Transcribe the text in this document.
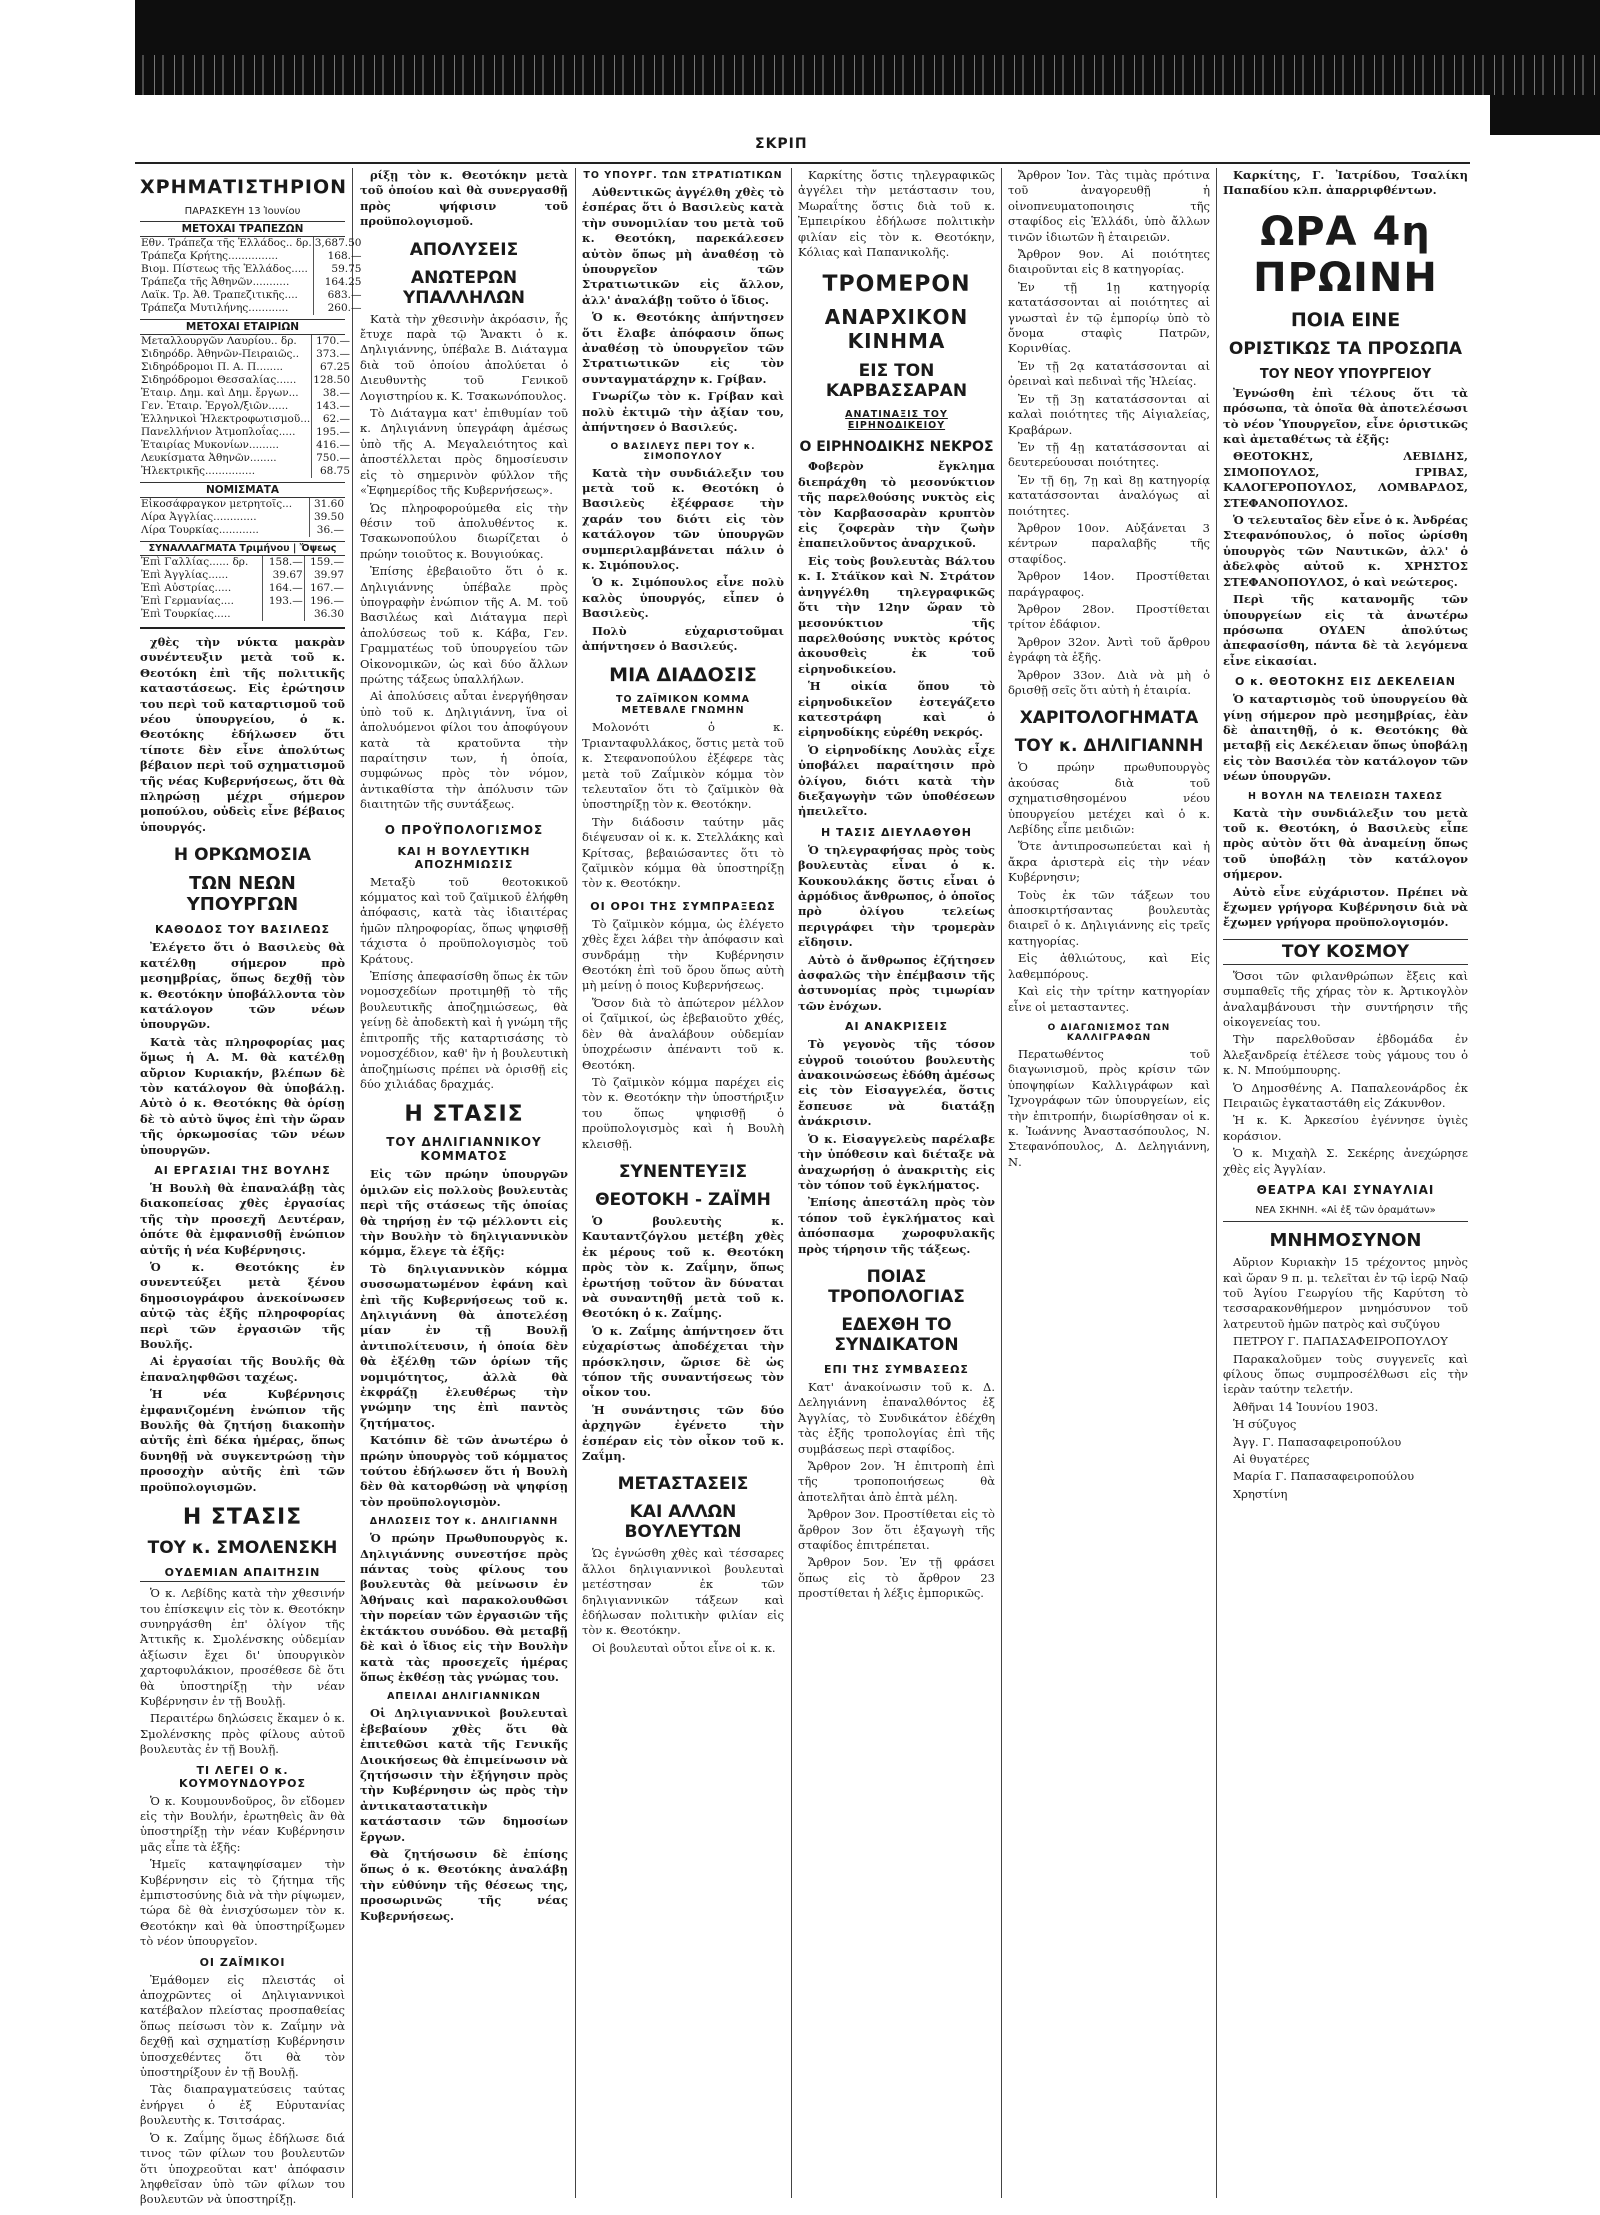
ΣΚΡΙΠ
ΧΡΗΜΑΤΙΣΤΗΡΙΟΝ
ΠΑΡΑΣΚΕΥΗ 13 Ἰουνίου
ΜΕΤΟΧΑΙ ΤΡΑΠΕΖΩΝ
Εθν. Τράπεζα τῆς Ἑλλάδος.. δρ.	3,687.50
Τράπεζα Κρήτης...............	168.—
Βιομ. Πίστεως τῆς Ἑλλάδος.....	59.75
Τράπεζα τῆς Ἀθηνῶν...........	164.25
Λαϊκ. Τρ. Ἀθ. Τραπεζιτικῆς....	683.—
Τράπεζα Μυτιλήνης............	260.—
ΜΕΤΟΧΑΙ ΕΤΑΙΡΙΩΝ
Μεταλλουργῶν Λαυρίου.. δρ.	170.—
Σιδηρόδρ. Ἀθηνῶν-Πειραιῶς..	373.—
Σιδηρόδρομοι Π. Α. Π........	67.25
Σιδηρόδρομοι Θεσσαλίας......	128.50
Ἑταιρ. Δημ. καὶ Δημ. ἔργων...	38.—
Γεν. Ἑταιρ. Ἐργολ/ξιῶν......	143.—
Ἑλληνικοὶ Ἠλεκτροφωτισμοῦ...	62.—
Πανελλήνιον Ἀτμοπλοΐας.....	195.—
Ἑταιρίας Μυκονίων.........	416.—
Λευκίσματα Ἀθηνῶν........	750.—
Ἠλεκτρικῆς...............	68.75
ΝΟΜΙΣΜΑΤΑ
Εἰκοσάφραγκον μετρητοῖς...	31.60
Λίρα Ἀγγλίας.............	39.50
Λίρα Τουρκίας............	36.—
ΣΥΝΑΛΛΑΓΜΑΤΑ Τριμήνου | Ὄψεως
Ἐπὶ Γαλλίας...... δρ.	158.—	159.—
Ἐπὶ Ἀγγλίας......	39.67	39.97
Ἐπὶ Αὐστρίας.....	164.—	167.—
Ἐπὶ Γερμανίας....	193.—	196.—
Ἐπὶ Τουρκίας.....		36.30

χθὲς τὴν νύκτα μακρὰν συνέντευξιν μετὰ τοῦ κ. Θεοτόκη ἐπὶ τῆς πολιτικῆς καταστάσεως. Εἰς ἐρώτησιν του περὶ τοῦ καταρτισμοῦ τοῦ νέου ὑπουργείου, ὁ κ. Θεοτόκης ἐδήλωσεν ὅτι τίποτε δὲν εἶνε ἀπολύτως βέβαιον περὶ τοῦ σχηματισμοῦ τῆς νέας Κυβερνήσεως, ὅτι θὰ πληρώσῃ μέχρι σήμερον μοπούλου, οὐδεὶς εἶνε βέβαιος ὑπουργός.

Η ΟΡΚΩΜΟΣΙΑ
ΤΩΝ ΝΕΩΝ ΥΠΟΥΡΓΩΝ
ΚΑΘΟΔΟΣ ΤΟΥ ΒΑΣΙΛΕΩΣ

Ἐλέγετο ὅτι ὁ Βασιλεὺς θὰ κατέλθῃ σήμερον πρὸ μεσημβρίας, ὅπως δεχθῇ τὸν κ. Θεοτόκην ὑποβάλλοντα τὸν κατάλογον τῶν νέων ὑπουργῶν.

Κατὰ τὰς πληροφορίας μας ὅμως ἡ Α. Μ. θὰ κατέλθῃ αὔριον Κυριακήν, βλέπων δὲ τὸν κατάλογον θὰ ὑποβάλῃ. Αὐτὸ ὁ κ. Θεοτόκης θὰ ὁρίσῃ δὲ τὸ αὐτὸ ὕψος ἐπὶ τὴν ὥραν τῆς ὁρκωμοσίας τῶν νέων ὑπουργῶν.

ΑΙ ΕΡΓΑΣΙΑΙ ΤΗΣ ΒΟΥΛΗΣ

Ἡ Βουλὴ θὰ ἐπαναλάβῃ τὰς διακοπείσας χθὲς ἐργασίας τῆς τὴν προσεχῆ Δευτέραν, ὁπότε θὰ ἐμφανισθῇ ἐνώπιον αὐτῆς ἡ νέα Κυβέρνησις.

Ὁ κ. Θεοτόκης ἐν συνεντεύξει μετὰ ξένου δημοσιογράφου ἀνεκοίνωσεν αὐτῷ τὰς ἑξῆς πληροφορίας περὶ τῶν ἐργασιῶν τῆς Βουλῆς.

Αἱ ἐργασίαι τῆς Βουλῆς θὰ ἐπαναληφθῶσι ταχέως.

Ἡ νέα Κυβέρνησις ἐμφανιζομένη ἐνώπιον τῆς Βουλῆς θὰ ζητήσῃ διακοπὴν αὐτῆς ἐπὶ δέκα ἡμέρας, ὅπως δυνηθῇ νὰ συγκεντρώσῃ τὴν προσοχὴν αὐτῆς ἐπὶ τῶν προϋπολογισμῶν.

Η ΣΤΑΣΙΣ
ΤΟΥ κ. ΣΜΟΛΕΝΣΚΗ
ΟΥΔΕΜΙΑΝ ΑΠΑΙΤΗΣΙΝ

Ὁ κ. Λεβίδης κατὰ τὴν χθεσινήν του ἐπίσκεψιν εἰς τὸν κ. Θεοτόκην συνηργάσθη ἐπ' ὀλίγον τῆς Ἀττικῆς κ. Σμολένσκης οὐδεμίαν ἀξίωσιν ἔχει δι' ὑπουργικὸν χαρτοφυλάκιον, προσέθεσε δὲ ὅτι θὰ ὑποστηρίξῃ τὴν νέαν Κυβέρνησιν ἐν τῇ Βουλῇ.

Περαιτέρω δηλώσεις ἔκαμεν ὁ κ. Σμολένσκης πρὸς φίλους αὐτοῦ βουλευτὰς ἐν τῇ Βουλῇ.

ΤΙ ΛΕΓΕΙ Ο κ. ΚΟΥΜΟΥΝΔΟΥΡΟΣ

Ὁ κ. Κουμουνδοῦρος, ὃν εἴδομεν εἰς τὴν Βουλήν, ἐρωτηθεὶς ἂν θὰ ὑποστηρίξῃ τὴν νέαν Κυβέρνησιν μᾶς εἶπε τὰ ἑξῆς:

Ἡμεῖς καταψηφίσαμεν τὴν Κυβέρνησιν εἰς τὸ ζήτημα τῆς ἐμπιστοσύνης διὰ νὰ τὴν ρίψωμεν, τώρα δὲ θὰ ἐνισχύσωμεν τὸν κ. Θεοτόκην καὶ θὰ ὑποστηρίξωμεν τὸ νέον ὑπουργεῖον.

ΟΙ ΖΑΪΜΙΚΟΙ

Ἐμάθομεν εἰς πλειστάς οἱ ἀποχρῶντες οἱ Δηλιγιαννικοὶ κατέβαλον πλείστας προσπαθείας ὅπως πείσωσι τὸν κ. Ζαΐμην νὰ δεχθῇ καὶ σχηματίσῃ Κυβέρνησιν ὑποσχεθέντες ὅτι θὰ τὸν ὑποστηρίξουν ἐν τῇ Βουλῇ.

Τὰς διαπραγματεύσεις ταύτας ἐνήργει ὁ ἐξ Εὐρυτανίας βουλευτὴς κ. Τσιτσάρας.

Ὁ κ. Ζαΐμης ὅμως ἐδήλωσε διά τινος τῶν φίλων του βουλευτῶν ὅτι ὑποχρεοῦται κατ' ἀπόφασιν ληφθεῖσαν ὑπὸ τῶν φίλων του βουλευτῶν νὰ ὑποστηρίξῃ.

ρίξῃ τὸν κ. Θεοτόκην μετὰ τοῦ ὁποίου καὶ θὰ συνεργασθῇ πρὸς ψήφισιν τοῦ προϋπολογισμοῦ.

ΑΠΟΛΥΣΕΙΣ
ΑΝΩΤΕΡΩΝ ΥΠΑΛΛΗΛΩΝ

Κατὰ τὴν χθεσινὴν ἀκρόασιν, ἧς ἔτυχε παρὰ τῷ Ἄνακτι ὁ κ. Δηλιγιάννης, ὑπέβαλε Β. Διάταγμα διὰ τοῦ ὁποίου ἀπολύεται ὁ Διευθυντὴς τοῦ Γενικοῦ Λογιστηρίου κ. Κ. Τσακωνόπουλος.

Τὸ Διάταγμα κατ' ἐπιθυμίαν τοῦ κ. Δηλιγιάννη ὑπεγράφη ἀμέσως ὑπὸ τῆς Α. Μεγαλειότητος καὶ ἀποστέλλεται πρὸς δημοσίευσιν εἰς τὸ σημερινὸν φύλλον τῆς «Ἐφημερίδος τῆς Κυβερνήσεως».

Ὡς πληροφορούμεθα εἰς τὴν θέσιν τοῦ ἀπολυθέντος κ. Τσακωνοπούλου διωρίζεται ὁ πρώην τοιοῦτος κ. Βουγιούκας.

Ἐπίσης ἐβεβαιοῦτο ὅτι ὁ κ. Δηλιγιάννης ὑπέβαλε πρὸς ὑπογραφὴν ἐνώπιον τῆς Α. Μ. τοῦ Βασιλέως καὶ Διάταγμα περὶ ἀπολύσεως τοῦ κ. Κάβα, Γεν. Γραμματέως τοῦ ὑπουργείου τῶν Οἰκονομικῶν, ὡς καὶ δύο ἄλλων πρώτης τάξεως ὑπαλλήλων.

Αἱ ἀπολύσεις αὗται ἐνεργήθησαν ὑπὸ τοῦ κ. Δηλιγιάννη, ἵνα οἱ ἀπολυόμενοι φίλοι του ἀποφύγουν κατὰ τὰ κρατοῦντα τὴν παραίτησιν των, ἡ ὁποία, συμφώνως πρὸς τὸν νόμον, ἀντικαθίστα τὴν ἀπόλυσιν τῶν διαιτητῶν τῆς συντάξεως.

Ο ΠΡΟΫΠΟΛΟΓΙΣΜΟΣ
ΚΑΙ Η ΒΟΥΛΕΥΤΙΚΗ ΑΠΟΖΗΜΙΩΣΙΣ

Μεταξὺ τοῦ θεοτοκικοῦ κόμματος καὶ τοῦ ζαϊμικοῦ ἐλήφθη ἀπόφασις, κατὰ τὰς ἰδιαιτέρας ἡμῶν πληροφορίας, ὅπως ψηφισθῇ τάχιστα ὁ προϋπολογισμὸς τοῦ Κράτους.

Ἐπίσης ἀπεφασίσθη ὅπως ἐκ τῶν νομοσχεδίων προτιμηθῇ τὸ τῆς βουλευτικῆς ἀποζημιώσεως, θὰ γείνῃ δὲ ἀποδεκτὴ καὶ ἡ γνώμη τῆς ἐπιτροπῆς τῆς καταρτισάσης τὸ νομοσχέδιον, καθ' ἣν ἡ βουλευτικὴ ἀποζημίωσις πρέπει νὰ ὁρισθῇ εἰς δύο χιλιάδας δραχμάς.

Η ΣΤΑΣΙΣ
ΤΟΥ ΔΗΛΙΓΙΑΝΝΙΚΟΥ ΚΟΜΜΑΤΟΣ

Εἰς τῶν πρώην ὑπουργῶν ὁμιλῶν εἰς πολλοὺς βουλευτὰς περὶ τῆς στάσεως τῆς ὁποίας θὰ τηρήσῃ ἐν τῷ μέλλοντι εἰς τὴν Βουλὴν τὸ δηλιγιαννικὸν κόμμα, ἔλεγε τὰ ἑξῆς:

Τὸ δηλιγιαννικὸν κόμμα συσσωματωμένον ἐφάνη καὶ ἐπὶ τῆς Κυβερνήσεως τοῦ κ. Δηλιγιάννη θὰ ἀποτελέσῃ μίαν ἐν τῇ Βουλῇ ἀντιπολίτευσιν, ἡ ὁποία δὲν θὰ ἐξέλθῃ τῶν ὁρίων τῆς νομιμότητος, ἀλλὰ θὰ ἐκφράζῃ ἐλευθέρως τὴν γνώμην της ἐπὶ παντὸς ζητήματος.

Κατόπιν δὲ τῶν ἀνωτέρω ὁ πρώην ὑπουργὸς τοῦ κόμματος τούτου ἐδήλωσεν ὅτι ἡ Βουλὴ δὲν θὰ κατορθώσῃ νὰ ψηφίσῃ τὸν προϋπολογισμὸν.

ΔΗΛΩΣΕΙΣ ΤΟΥ κ. ΔΗΛΙΓΙΑΝΝΗ

Ὁ πρώην Πρωθυπουργὸς κ. Δηλιγιάννης συνεστήσε πρὸς πάντας τοὺς φίλους του βουλευτὰς θὰ μείνωσιν ἐν Ἀθήναις καὶ παρακολουθῶσι τὴν πορείαν τῶν ἐργασιῶν τῆς ἐκτάκτου συνόδου. Θὰ μεταβῇ δὲ καὶ ὁ ἴδιος εἰς τὴν Βουλὴν κατὰ τὰς προσεχεῖς ἡμέρας ὅπως ἐκθέσῃ τὰς γνώμας του.

ΑΠΕΙΛΑΙ ΔΗΛΙΓΙΑΝΝΙΚΩΝ

Οἱ Δηλιγιαννικοὶ βουλευταὶ ἐβεβαίουν χθὲς ὅτι θὰ ἐπιτεθῶσι κατὰ τῆς Γενικῆς Διοικήσεως θὰ ἐπιμείνωσιν νὰ ζητήσωσιν τὴν ἐξήγησιν πρὸς τὴν Κυβέρνησιν ὡς πρὸς τὴν ἀντικαταστατικὴν κατάστασιν τῶν δημοσίων ἔργων.

Θὰ ζητήσωσιν δὲ ἐπίσης ὅπως ὁ κ. Θεοτόκης ἀναλάβῃ τὴν εὐθύνην τῆς θέσεως της, προσωρινῶς τῆς νέας Κυβερνήσεως.

ΤΟ ΥΠΟΥΡΓ. ΤΩΝ ΣΤΡΑΤΙΩΤΙΚΩΝ

Αὐθεντικῶς ἀγγέλθη χθὲς τὸ ἑσπέρας ὅτι ὁ Βασιλεὺς κατὰ τὴν συνομιλίαν του μετὰ τοῦ κ. Θεοτόκη, παρεκάλεσεν αὐτὸν ὅπως μὴ ἀναθέσῃ τὸ ὑπουργεῖον τῶν Στρατιωτικῶν εἰς ἄλλον, ἀλλ' ἀναλάβῃ τοῦτο ὁ ἴδιος.

Ὁ κ. Θεοτόκης ἀπήντησεν ὅτι ἔλαβε ἀπόφασιν ὅπως ἀναθέσῃ τὸ ὑπουργεῖον τῶν Στρατιωτικῶν εἰς τὸν συνταγματάρχην κ. Γρίβαν.

Γνωρίζω τὸν κ. Γρίβαν καὶ πολὺ ἐκτιμῶ τὴν ἀξίαν του, ἀπήντησεν ὁ Βασιλεύς.

Ο ΒΑΣΙΛΕΥΣ ΠΕΡΙ ΤΟΥ κ. ΣΙΜΟΠΟΥΛΟΥ

Κατὰ τὴν συνδιάλεξιν του μετὰ τοῦ κ. Θεοτόκη ὁ Βασιλεὺς ἐξέφρασε τὴν χαράν του διότι εἰς τὸν κατάλογον τῶν ὑπουργῶν συμπεριλαμβάνεται πάλιν ὁ κ. Σιμόπουλος.

Ὁ κ. Σιμόπουλος εἶνε πολὺ καλὸς ὑπουργός, εἶπεν ὁ Βασιλεὺς.

Πολὺ εὐχαριστοῦμαι ἀπήντησεν ὁ Βασιλεύς.

ΜΙΑ ΔΙΑΔΟΣΙΣ
ΤΟ ΖΑΪΜΙΚΟΝ ΚΟΜΜΑ ΜΕΤΕΒΑΛΕ ΓΝΩΜΗΝ

Μολονότι ὁ κ. Τριανταφυλλάκος, ὅστις μετὰ τοῦ κ. Στεφανοπούλου ἐξέφερε τὰς μετὰ τοῦ Ζαΐμικὸν κόμμα τὸν τελευταῖον ὅτι τὸ ζαϊμικὸν θὰ ὑποστηρίξῃ τὸν κ. Θεοτόκην.

Τὴν διάδοσιν ταύτην μᾶς διέψευσαν οἱ κ. κ. Στελλάκης καὶ Κρίτσας, βεβαιώσαντες ὅτι τὸ ζαϊμικὸν κόμμα θὰ ὑποστηρίξῃ τὸν κ. Θεοτόκην.

ΟΙ ΟΡΟΙ ΤΗΣ ΣΥΜΠΡΑΞΕΩΣ

Τὸ ζαϊμικὸν κόμμα, ὡς ἐλέγετο χθὲς ἔχει λάβει τὴν ἀπόφασιν καὶ συνδράμῃ τὴν Κυβέρνησιν Θεοτόκη ἐπὶ τοῦ ὅρου ὅπως αὐτὴ μὴ μείνῃ ὁ ποιος Κυβερνήσεως.

Ὅσον διὰ τὸ ἀπώτερον μέλλον οἱ ζαϊμικοί, ὡς ἐβεβαιοῦτο χθές, δὲν θὰ ἀναλάβουν οὐδεμίαν ὑποχρέωσιν ἀπέναντι τοῦ κ. Θεοτόκη.

Τὸ ζαϊμικὸν κόμμα παρέχει εἰς τὸν κ. Θεοτόκην τὴν ὑποστήριξιν του ὅπως ψηφισθῇ ὁ προϋπολογισμὸς καὶ ἡ Βουλὴ κλεισθῇ.

ΣΥΝΕΝΤΕΥΞΙΣ
ΘΕΟΤΟΚΗ - ΖΑΪΜΗ

Ὁ βουλευτὴς κ. Καυταντζόγλου μετέβη χθὲς ἐκ μέρους τοῦ κ. Θεοτόκη πρὸς τὸν κ. Ζαΐμην, ὅπως ἐρωτήσῃ τοῦτον ἂν δύναται νὰ συναντηθῇ μετὰ τοῦ κ. Θεοτόκη ὁ κ. Ζαΐμης.

Ὁ κ. Ζαΐμης ἀπήντησεν ὅτι εὐχαρίστως ἀποδέχεται τὴν πρόσκλησιν, ὥρισε δὲ ὡς τόπον τῆς συναντήσεως τὸν οἶκον του.

Ἡ συνάντησις τῶν δύο ἀρχηγῶν ἐγένετο τὴν ἑσπέραν εἰς τὸν οἶκον τοῦ κ. Ζαΐμη.

ΜΕΤΑΣΤΑΣΕΙΣ
ΚΑΙ ΑΛΛΩΝ ΒΟΥΛΕΥΤΩΝ

Ὡς ἐγνώσθη χθὲς καὶ τέσσαρες ἄλλοι δηλιγιαννικοὶ βουλευταὶ μετέστησαν ἐκ τῶν δηλιγιαννικῶν τάξεων καὶ ἐδήλωσαν πολιτικὴν φιλίαν εἰς τὸν κ. Θεοτόκην.

Οἱ βουλευταὶ οὗτοι εἶνε οἱ κ. κ.

Καρκίτης ὅστις τηλεγραφικῶς ἀγγέλει τὴν μετάστασιν του, Μωραΐτης ὅστις διὰ τοῦ κ. Ἐμπειρίκου ἐδήλωσε πολιτικὴν φιλίαν εἰς τὸν κ. Θεοτόκην, Κόλιας καὶ Παπανικολῆς.

ΤΡΟΜΕΡΟΝ
ΑΝΑΡΧΙΚΟΝ ΚΙΝΗΜΑ
ΕΙΣ ΤΟΝ ΚΑΡΒΑΣΣΑΡΑΝ
ΑΝΑΤΙΝΑΞΙΣ ΤΟΥ ΕΙΡΗΝΟΔΙΚΕΙΟΥ
Ο ΕΙΡΗΝΟΔΙΚΗΣ ΝΕΚΡΟΣ

Φοβερὸν ἔγκλημα διεπράχθη τὸ μεσονύκτιον τῆς παρελθούσης νυκτὸς εἰς τὸν Καρβασσαρὰν κρυπτὸν εἰς ζοφερὰν τὴν ζωὴν ἐπαπειλοῦντος ἀναρχικοῦ.

Εἰς τοὺς βουλευτὰς Βάλτου κ. Ι. Στάϊκον καὶ Ν. Στράτον ἀνηγγέλθη τηλεγραφικῶς ὅτι τὴν 12ην ὥραν τὸ μεσονύκτιον τῆς παρελθούσης νυκτὸς κρότος ἀκουσθεὶς ἐκ τοῦ εἰρηνοδικείου.

Ἡ οἰκία ὅπου τὸ εἰρηνοδικεῖον ἐστεγάζετο κατεστράφη καὶ ὁ εἰρηνοδίκης εὑρέθη νεκρός.

Ὁ εἰρηνοδίκης Λουλὰς εἶχε ὑποβάλει παραίτησιν πρὸ ὀλίγου, διότι κατὰ τὴν διεξαγωγὴν τῶν ὑποθέσεων ἠπειλεῖτο.

Η ΤΑΣΙΣ ΔΙΕΥΛΑΘΥΘΗ

Ὁ τηλεγραφήσας πρὸς τοὺς βουλευτὰς εἶναι ὁ κ. Κουκουλάκης ὅστις εἶναι ὁ ἀρμόδιος ἄνθρωπος, ὁ ὁποῖος πρὸ ὀλίγου τελείως περιγράφει τὴν τρομερὰν εἴδησιν.

Αὐτὸ ὁ ἄνθρωπος ἐζήτησεν ἀσφαλῶς τὴν ἐπέμβασιν τῆς ἀστυνομίας πρὸς τιμωρίαν τῶν ἐνόχων.

ΑΙ ΑΝΑΚΡΙΣΕΙΣ

Τὸ γεγονὸς τῆς τόσον εὐγροῦ τοιούτου βουλευτὴς ἀνακοινώσεως ἐδόθη ἀμέσως εἰς τὸν Εἰσαγγελέα, ὅστις ἔσπευσε νὰ διατάξῃ ἀνάκρισιν.

Ὁ κ. Εἰσαγγελεὺς παρέλαβε τὴν ὑπόθεσιν καὶ διέταξε νὰ ἀναχωρήσῃ ὁ ἀνακριτὴς εἰς τὸν τόπον τοῦ ἐγκλήματος.

Ἐπίσης ἀπεστάλη πρὸς τὸν τόπον τοῦ ἐγκλήματος καὶ ἀπόσπασμα χωροφυλακῆς πρὸς τήρησιν τῆς τάξεως.

ΠΟΙΑΣ ΤΡΟΠΟΛΟΓΙΑΣ
ΕΔΕΧΘΗ ΤΟ ΣΥΝΔΙΚΑΤΟΝ
ΕΠΙ ΤΗΣ ΣΥΜΒΑΣΕΩΣ

Κατ' ἀνακοίνωσιν τοῦ κ. Δ. Δεληγιάννη ἐπαναλθόντος ἐξ Ἀγγλίας, τὸ Συνδικάτον ἐδέχθη τὰς ἑξῆς τροπολογίας ἐπὶ τῆς συμβάσεως περὶ σταφίδος.

Ἄρθρον 2ον. Ἡ ἐπιτροπὴ ἐπὶ τῆς τροποποιήσεως θὰ ἀποτελῆται ἀπὸ ἐπτὰ μέλη.

Ἄρθρον 3ον. Προστίθεται εἰς τὸ ἄρθρον 3ον ὅτι ἐξαγωγὴ τῆς σταφίδος ἐπιτρέπεται.

Ἄρθρον 5ον. Ἐν τῇ φράσει ὅπως εἰς τὸ ἄρθρον 23 προστίθεται ἡ λέξις ἐμπορικῶς.

Ἄρθρον Ἰον. Τὰς τιμὰς πρότινα τοῦ ἀναγορευθῇ ἡ οἰνοπνευματοποιησις τῆς σταφίδος εἰς Ἑλλάδι, ὑπὸ ἄλλων τινῶν ἰδιωτῶν ἢ ἑταιρειῶν.

Ἄρθρον 9ον. Αἱ ποιότητες διαιροῦνται εἰς 8 κατηγορίας.

Ἐν τῇ 1ῃ κατηγορίᾳ κατατάσσονται αἱ ποιότητες αἱ γνωσταὶ ἐν τῷ ἐμπορίῳ ὑπὸ τὸ ὄνομα σταφὶς Πατρῶν, Κορινθίας.

Ἐν τῇ 2ᾳ κατατάσσονται αἱ ὀρειναὶ καὶ πεδιναὶ τῆς Ἠλείας.

Ἐν τῇ 3ῃ κατατάσσονται αἱ καλαὶ ποιότητες τῆς Αἰγιαλείας, Κραβάρων.

Ἐν τῇ 4ῃ κατατάσσονται αἱ δευτερεύουσαι ποιότητες.

Ἐν τῇ 6ῃ, 7ῃ καὶ 8ῃ κατηγορίᾳ κατατάσσονται ἀναλόγως αἱ ποιότητες.

Ἄρθρον 10ον. Αὐξάνεται 3 κέντρων παραλαβῆς τῆς σταφίδος.

Ἄρθρον 14ον. Προστίθεται παράγραφος.

Ἄρθρον 28ον. Προστίθεται τρίτον ἐδάφιον.

Ἄρθρον 32ον. Ἀντὶ τοῦ ἄρθρου ἐγράφη τὰ ἑξῆς.

Ἄρθρον 33ον. Διὰ νὰ μὴ ὁ δρισθῇ σεῖς ὅτι αὐτὴ ἡ ἑταιρία.

ΧΑΡΙΤΟΛΟΓΗΜΑΤΑ
ΤΟΥ κ. ΔΗΛΙΓΙΑΝΝΗ

Ὁ πρώην πρωθυπουργὸς ἀκούσας διὰ τοῦ σχηματισθησομένου νέου ὑπουργείου μετέχει καὶ ὁ κ. Λεβίδης εἶπε μειδιῶν:

Ὅτε ἀντιπροσωπεύεται καὶ ἡ ἄκρα ἀριστερὰ εἰς τὴν νέαν Κυβέρνησιν;

Τοὺς ἐκ τῶν τάξεων του ἀποσκιρτήσαντας βουλευτὰς διαιρεῖ ὁ κ. Δηλιγιάννης εἰς τρεῖς κατηγορίας.

Εἰς ἀθλιώτους, καὶ Εἰς λαθεμπόρους.

Καὶ εἰς τὴν τρίτην κατηγορίαν εἶνε οἱ μετασταντες.

Ο ΔΙΑΓΩΝΙΣΜΟΣ ΤΩΝ ΚΑΛΛΙΓΡΑΦΩΝ

Περατωθέντος τοῦ διαγωνισμοῦ, πρὸς κρίσιν τῶν ὑποψηφίων Καλλιγράφων καὶ Ἰχνογράφων τῶν ὑπουργείων, εἰς τὴν ἐπιτροπήν, διωρίσθησαν οἱ κ. κ. Ἰωάννης Ἀναστασόπουλος, Ν. Στεφανόπουλος, Δ. Δεληγιάννη, Ν.

Καρκίτης, Γ. Ἰατρίδου, Τσαλίκη Παπαδίου κλπ. ἀπαρριφθέντων.

ΩΡΑ 4η ΠΡΩΙΝΗ
ΠΟΙΑ ΕΙΝΕ
ΟΡΙΣΤΙΚΩΣ ΤΑ ΠΡΟΣΩΠΑ
ΤΟΥ ΝΕΟΥ ΥΠΟΥΡΓΕΙΟΥ

Ἐγνώσθη ἐπὶ τέλους ὅτι τὰ πρόσωπα, τὰ ὁποῖα θὰ ἀποτελέσωσι τὸ νέον Ὑπουργεῖον, εἶνε ὁριστικῶς καὶ ἀμεταθέτως τὰ ἑξῆς:

ΘΕΟΤΟΚΗΣ, ΛΕΒΙΔΗΣ, ΣΙΜΟΠΟΥΛΟΣ, ΓΡΙΒΑΣ, ΚΑΛΟΓΕΡΟΠΟΥΛΟΣ, ΛΟΜΒΑΡΔΟΣ, ΣΤΕΦΑΝΟΠΟΥΛΟΣ.

Ὁ τελευταῖος δὲν εἶνε ὁ κ. Ἀνδρέας Στεφανόπουλος, ὁ ποῖος ὡρίσθη ὑπουργὸς τῶν Ναυτικῶν, ἀλλ' ὁ ἀδελφὸς αὐτοῦ κ. ΧΡΗΣΤΟΣ ΣΤΕΦΑΝΟΠΟΥΛΟΣ, ὁ καὶ νεώτερος.

Περὶ τῆς κατανομῆς τῶν ὑπουργείων εἰς τὰ ἀνωτέρω πρόσωπα ΟΥΔΕΝ ἀπολύτως ἀπεφασίσθη, πάντα δὲ τὰ λεγόμενα εἶνε εἰκασίαι.

Ο κ. ΘΕΟΤΟΚΗΣ ΕΙΣ ΔΕΚΕΛΕΙΑΝ

Ὁ καταρτισμὸς τοῦ ὑπουργείου θὰ γίνῃ σήμερον πρὸ μεσημβρίας, ἐὰν δὲ ἀπαιτηθῇ, ὁ κ. Θεοτόκης θὰ μεταβῇ εἰς Δεκέλειαν ὅπως ὑποβάλῃ εἰς τὸν Βασιλέα τὸν κατάλογον τῶν νέων ὑπουργῶν.

Η ΒΟΥΛΗ ΝΑ ΤΕΛΕΙΩΣΗ ΤΑΧΕΩΣ

Κατὰ τὴν συνδιάλεξιν του μετὰ τοῦ κ. Θεοτόκη, ὁ Βασιλεὺς εἶπε πρὸς αὐτὸν ὅτι θὰ ἀναμείνῃ ὅπως τοῦ ὑποβάλῃ τὸν κατάλογον σήμερον.

Αὐτὸ εἶνε εὐχάριστον. Πρέπει νὰ ἔχωμεν γρήγορα Κυβέρνησιν διὰ νὰ ἔχωμεν γρήγορα προϋπολογισμόν.

ΤΟΥ ΚΟΣΜΟΥ

Ὅσοι τῶν φιλανθρώπων ἔξεις καὶ συμπαθεῖς τῆς χήρας τὸν κ. Ἀρτικογλὸν ἀναλαμβάνουσι τὴν συντήρησιν τῆς οἰκογενείας του.

Τὴν παρελθοῦσαν ἑβδομάδα ἐν Ἀλεξανδρείᾳ ἐτέλεσε τοὺς γάμους του ὁ κ. Ν. Μπούμπουρης.

Ὁ Δημοσθένης Α. Παπαλεονάρδος ἐκ Πειραιῶς ἐγκαταστάθη εἰς Ζάκυνθον.

Ἡ κ. Κ. Ἀρκεσίου ἐγέννησε ὑγιὲς κοράσιον.

Ὁ κ. Μιχαὴλ Σ. Σεκέρης ἀνεχώρησε χθὲς εἰς Ἀγγλίαν.

ΘΕΑΤΡΑ ΚΑΙ ΣΥΝΑΥΛΙΑΙ
ΝΕΑ ΣΚΗΝΗ. «Αἱ ἐξ τῶν ὁραμάτων»
ΜΝΗΜΟΣΥΝΟΝ

Αὔριον Κυριακὴν 15 τρέχοντος μηνὸς καὶ ὥραν 9 π. μ. τελεῖται ἐν τῷ ἱερῷ Ναῷ τοῦ Ἁγίου Γεωργίου τῆς Καρύτση τὸ τεσσαρακονθήμερον μνημόσυνον τοῦ λατρευτοῦ ἡμῶν πατρὸς καὶ συζύγου

ΠΕΤΡΟΥ Γ. ΠΑΠΑΣΑΦΕΙΡΟΠΟΥΛΟΥ

Παρακαλοῦμεν τοὺς συγγενεῖς καὶ φίλους ὅπως συμπροσέλθωσι εἰς τὴν ἱερὰν ταύτην τελετήν.

Ἀθῆναι 14 Ἰουνίου 1903.

Ἡ σύζυγος

Ἀγγ. Γ. Παπασαφειροπούλου

Αἱ θυγατέρες

Μαρία Γ. Παπασαφειροπούλου

Χρηστίνη
